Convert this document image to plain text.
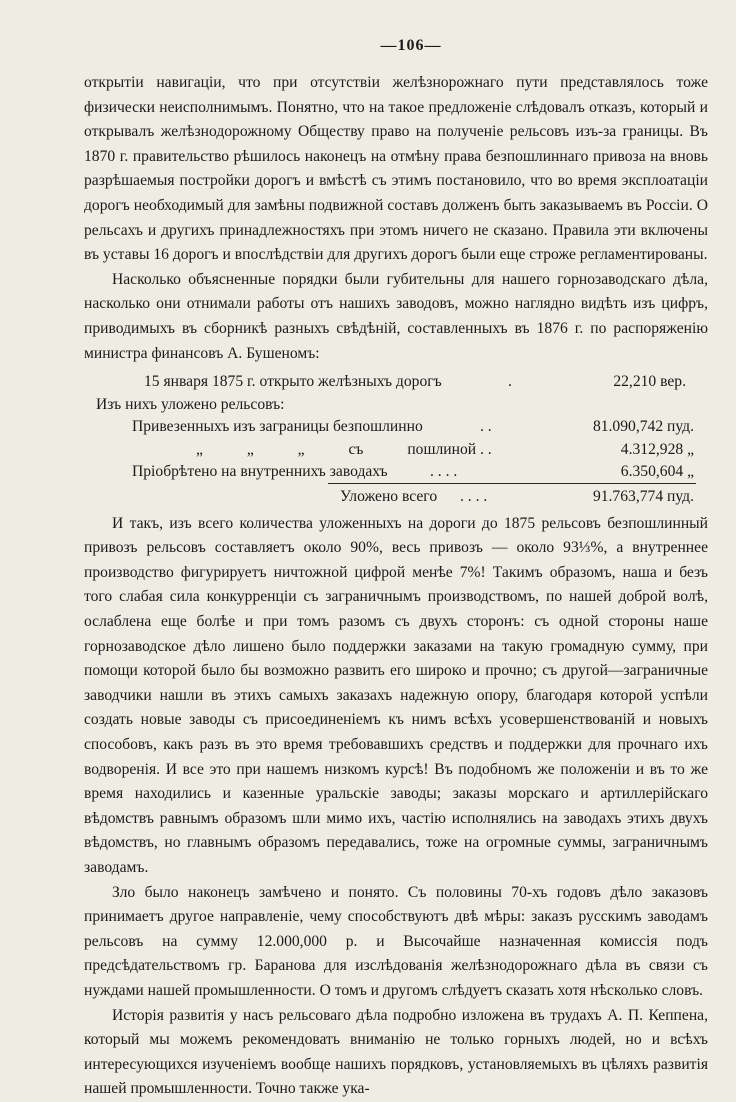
—106—

открытіи навигаціи, что при отсутствіи желѣзнорожнаго пути представлялось тоже физически неисполнимымъ. Понятно, что на такое предложеніе слѣдовалъ отказъ, который и открывалъ желѣзнодорожному Обществу право на полученіе рельсовъ изъ-за границы. Въ 1870 г. правительство рѣшилось наконецъ на отмѣну права безпошлиннаго привоза на вновь разрѣшаемыя постройки дорогъ и вмѣстѣ съ этимъ постановило, что во время эксплоатаціи дорогъ необходимый для замѣны подвижной составъ долженъ быть заказываемъ въ Россіи. О рельсахъ и другихъ принадлежностяхъ при этомъ ничего не сказано. Правила эти включены въ уставы 16 дорогъ и впослѣдствіи для другихъ дорогъ были еще строже регламентированы.

Насколько объясненные порядки были губительны для нашего горнозаводскаго дѣла, насколько они отнимали работы отъ нашихъ заводовъ, можно наглядно видѣть изъ цифръ, приводимыхъ въ сборникѣ разныхъ свѣдѣній, составленныхъ въ 1876 г. по распоряженію министра финансовъ А. Бушеномъ:

15 января 1875 г. открыто желѣзныхъ дорогъ	.	22,210 вер.
Изъ нихъ уложено рельсовъ:
Привезенныхъ изъ заграницы безпошлинно	. .	81.090,742 пуд.
„ „ „ съ пошлиной . .	4.312,928 „
Пріобрѣтено на внутреннихъ заводахъ	. . . .	6.350,604 „
Уложено всего . . . .	91.763,774 пуд.

И такъ, изъ всего количества уложенныхъ на дороги до 1875 рельсовъ безпошлинный привозъ рельсовъ составляетъ около 90%, весь привозъ — около 93⅓%, а внутреннее производство фигурируетъ ничтожной цифрой менѣе 7%! Такимъ образомъ, наша и безъ того слабая сила конкурренціи съ заграничнымъ производствомъ, по нашей доброй волѣ, ослаблена еще болѣе и при томъ разомъ съ двухъ сторонъ: съ одной стороны наше горнозаводское дѣло лишено было поддержки заказами на такую громадную сумму, при помощи которой было бы возможно развить его широко и прочно; съ другой—заграничные заводчики нашли въ этихъ самыхъ заказахъ надежную опору, благодаря которой успѣли создать новые заводы съ присоединеніемъ къ нимъ всѣхъ усовершенствованій и новыхъ способовъ, какъ разъ въ это время требовавшихъ средствъ и поддержки для прочнаго ихъ водворенія. И все это при нашемъ низкомъ курсѣ! Въ подобномъ же положеніи и въ то же время находились и казенные уральскіе заводы; заказы морскаго и артиллерійскаго вѣдомствъ равнымъ образомъ шли мимо ихъ, частію исполнялись на заводахъ этихъ двухъ вѣдомствъ, но главнымъ образомъ передавались, тоже на огромные суммы, заграничнымъ заводамъ.

Зло было наконецъ замѣчено и понято. Съ половины 70-хъ годовъ дѣло заказовъ принимаетъ другое направленіе, чему способствуютъ двѣ мѣры: заказъ русскимъ заводамъ рельсовъ на сумму 12.000,000 р. и Высочайше назначенная комиссія подъ предсѣдательствомъ гр. Баранова для изслѣдованія желѣзнодорожнаго дѣла въ связи съ нуждами нашей промышленности. О томъ и другомъ слѣдуетъ сказать хотя нѣсколько словъ.

Исторія развитія у насъ рельсоваго дѣла подробно изложена въ трудахъ А. П. Кеппена, который мы можемъ рекомендовать вниманію не только горныхъ людей, но и всѣхъ интересующихся изученіемъ вообще нашихъ порядковъ, установляемыхъ въ цѣляхъ развитія нашей промышленности. Точно также ука-
